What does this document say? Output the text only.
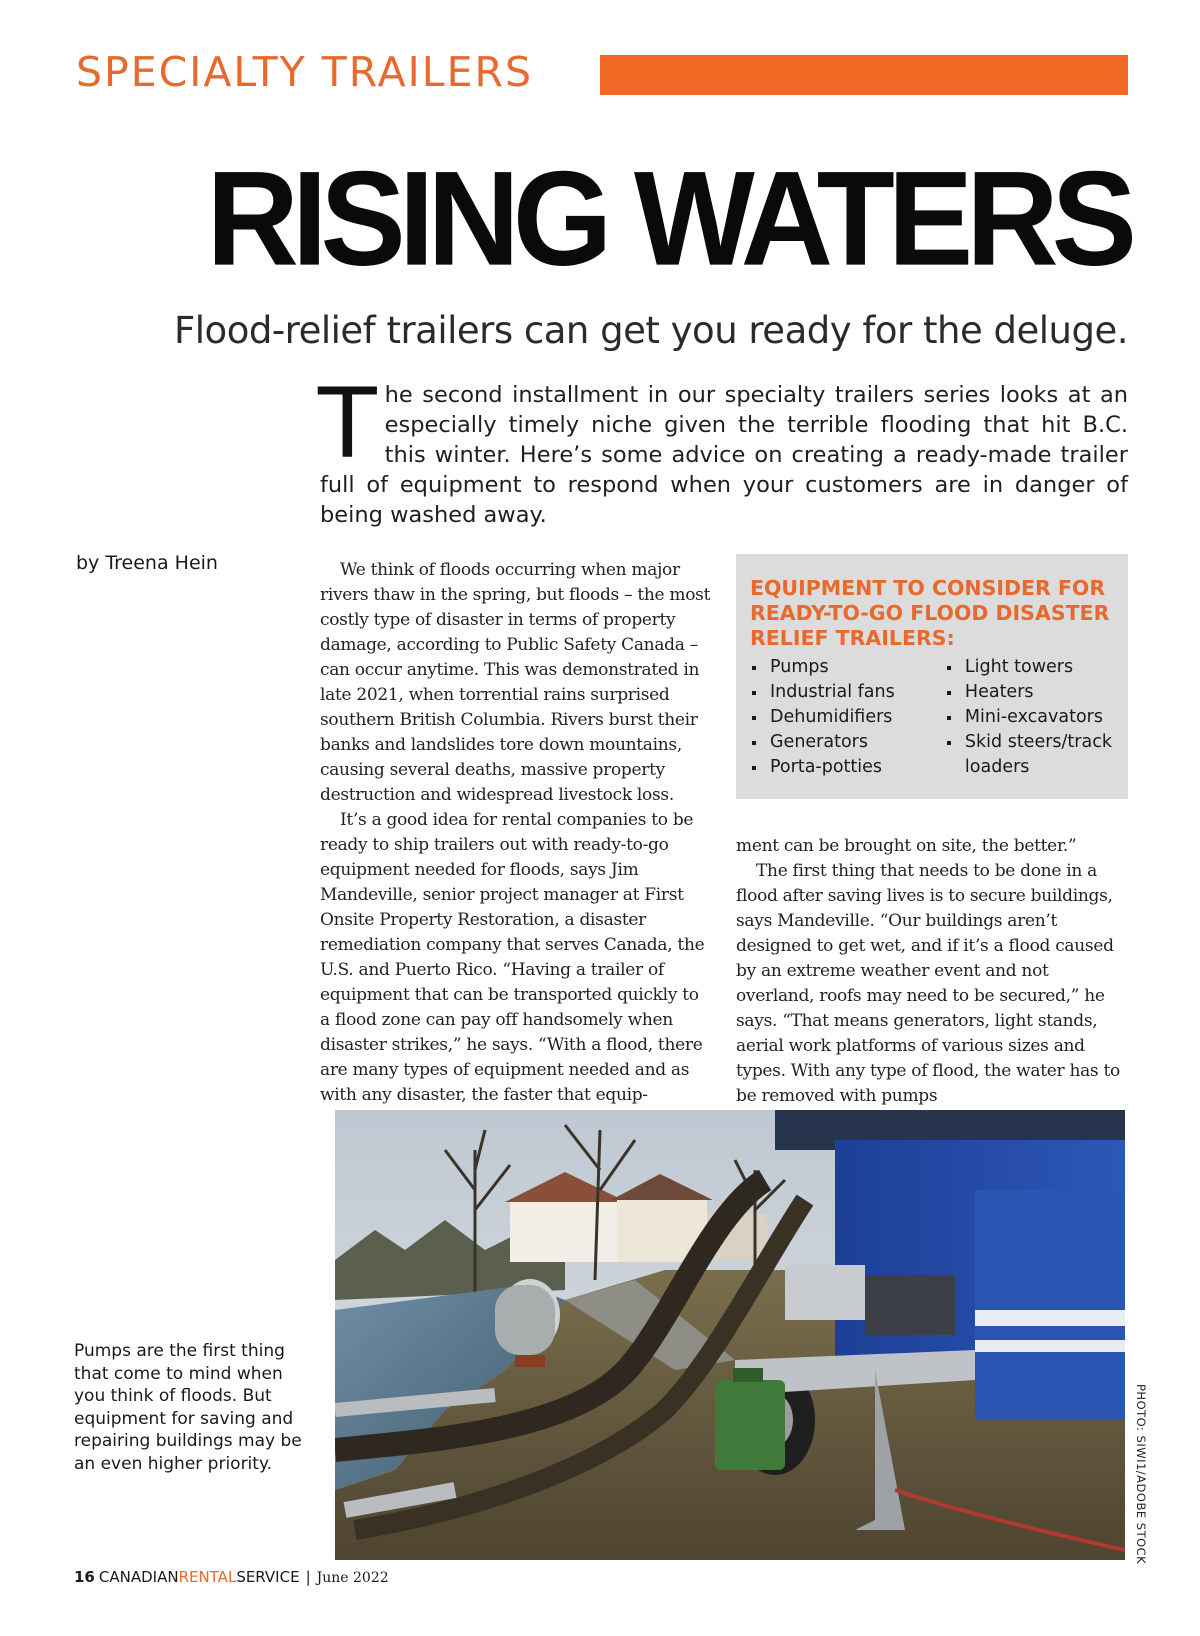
SPECIALTY TRAILERS
RISING WATERS
Flood-relief trailers can get you ready for the deluge.
The second installment in our specialty trailers series looks at an especially timely niche given the terrible flooding that hit B.C. this winter. Here’s some advice on creating a ready-made trailer full of equipment to respond when your customers are in danger of being washed away.
by Treena Hein	We think of floods occurring when major rivers thaw in the spring, but floods – the most costly type of disaster in terms of property damage, according to Public Safety Canada – can occur anytime. This was demonstrated in late 2021, when torrential rains surprised southern British Columbia. Rivers burst their banks and landslides tore down mountains, causing several deaths, massive property destruction and widespread livestock loss.

It’s a good idea for rental companies to be ready to ship trailers out with ready-to-go equipment needed for floods, says Jim Mandeville, senior project manager at First Onsite Property Restoration, a disaster remediation company that serves Canada, the U.S. and Puerto Rico. “Having a trailer of equipment that can be transported quickly to a flood zone can pay off handsomely when disaster strikes,” he says. “With a flood, there are many types of equipment needed and as with any disaster, the faster that equip-

EQUIPMENT TO CONSIDER FOR READY-TO-GO FLOOD DISASTER RELIEF TRAILERS:
Pumps
Industrial fans
Dehumidifiers
Generators
Porta-potties
Light towers
Heaters
Mini-excavators
Skid steers/track loaders

ment can be brought on site, the better.”

The first thing that needs to be done in a flood after saving lives is to secure buildings, says Mandeville. “Our buildings aren’t designed to get wet, and if it’s a flood caused by an extreme weather event and not overland, roofs may need to be secured,” he says. “That means generators, light stands, aerial work platforms of various sizes and types. With any type of flood, the water has to be removed with pumps

Pumps are the first thing that come to mind when you think of floods. But equipment for saving and repairing buildings may be an even higher priority.	PHOTO: SIWI1/ADOBE STOCK
16 CANADIANRENTALSERVICE | June 2022
